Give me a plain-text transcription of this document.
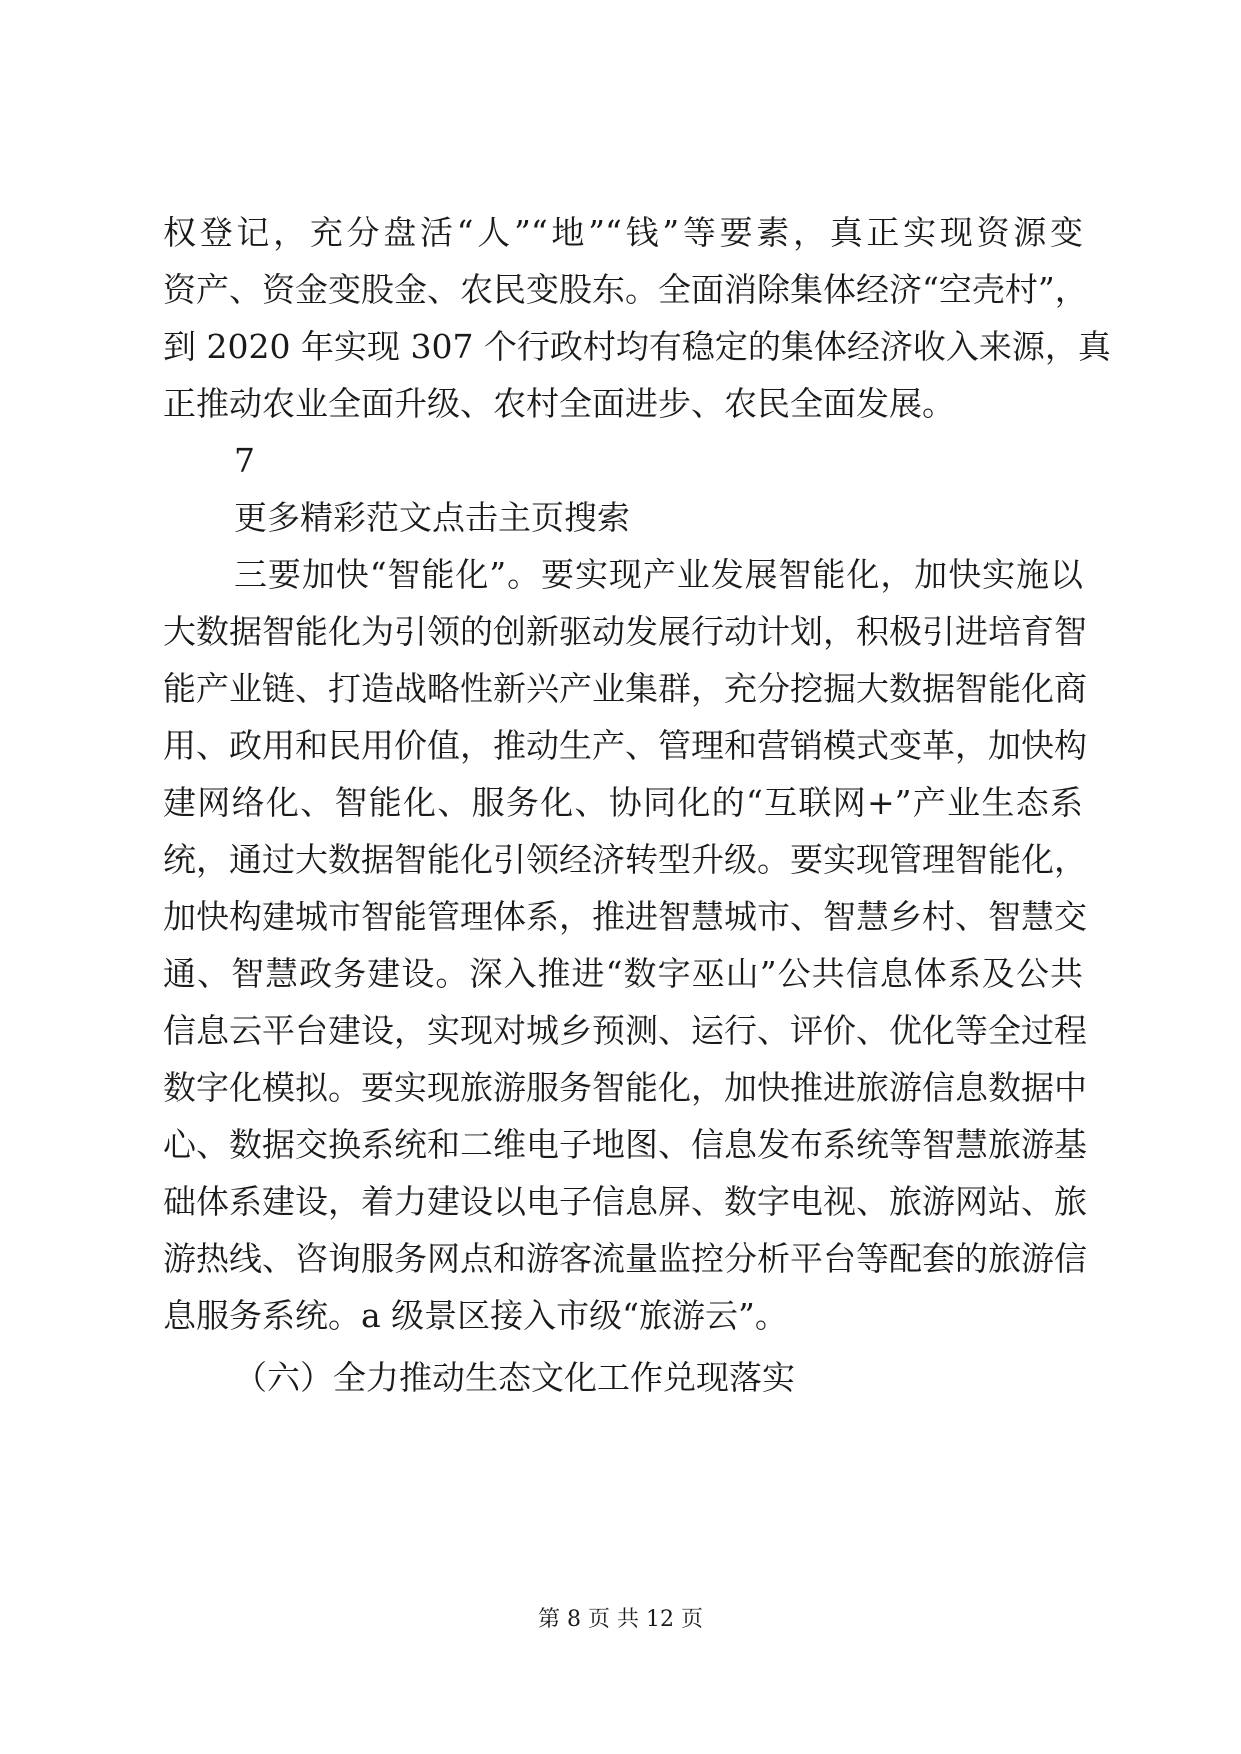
权登记，充分盘活“人”“地”“钱”等要素，真正实现资源变
资产、资金变股金、农民变股东。全面消除集体经济“空壳村”，
到 2020 年实现 307 个行政村均有稳定的集体经济收入来源，真
正推动农业全面升级、农村全面进步、农民全面发展。
7
更多精彩范文点击主页搜索
三要加快“智能化”。要实现产业发展智能化，加快实施以
大数据智能化为引领的创新驱动发展行动计划，积极引进培育智
能产业链、打造战略性新兴产业集群，充分挖掘大数据智能化商
用、政用和民用价值，推动生产、管理和营销模式变革，加快构
建网络化、智能化、服务化、协同化的“互联网+”产业生态系
统，通过大数据智能化引领经济转型升级。要实现管理智能化，
加快构建城市智能管理体系，推进智慧城市、智慧乡村、智慧交
通、智慧政务建设。深入推进“数字巫山”公共信息体系及公共
信息云平台建设，实现对城乡预测、运行、评价、优化等全过程
数字化模拟。要实现旅游服务智能化，加快推进旅游信息数据中
心、数据交换系统和二维电子地图、信息发布系统等智慧旅游基
础体系建设，着力建设以电子信息屏、数字电视、旅游网站、旅
游热线、咨询服务网点和游客流量监控分析平台等配套的旅游信
息服务系统。a 级景区接入市级“旅游云”。
（六）全力推动生态文化工作兑现落实
第 8 页 共 12 页
